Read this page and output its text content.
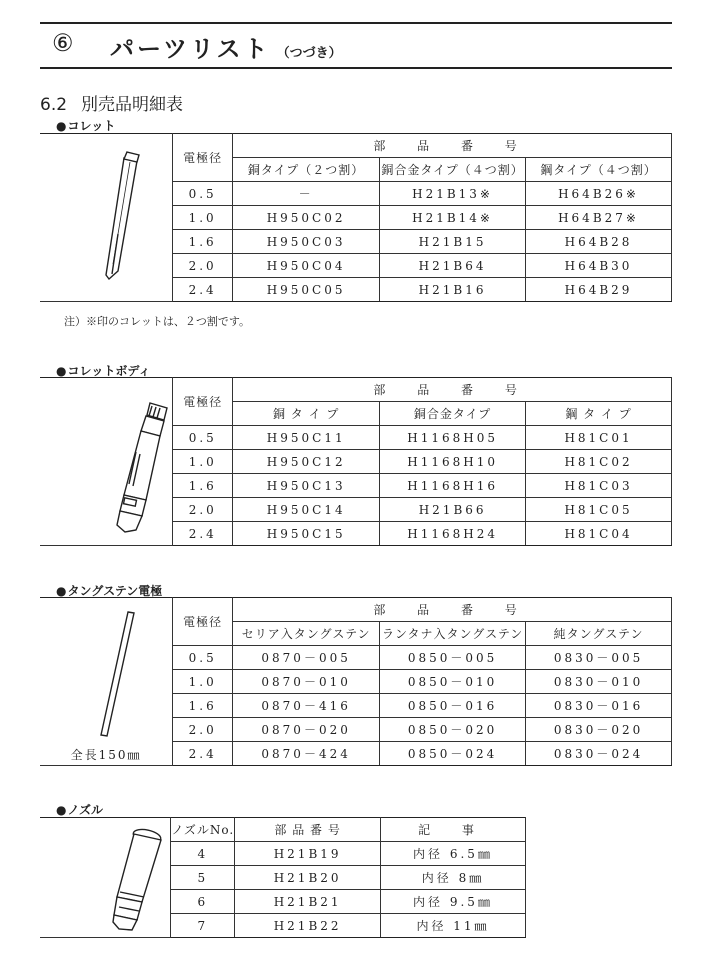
⑥ パーツリスト （つづき）
6.2 別売品明細表
● コレット
	電極径	部 品 番 号		
		銅タイプ（２つ割）	銅合金タイプ（４つ割）	鋼タイプ（４つ割）
	0.5	－	H21B13※	H64B26※
	1.0	H950C02	H21B14※	H64B27※
	1.6	H950C03	H21B15	H64B28
	2.0	H950C04	H21B64	H64B30
	2.4	H950C05	H21B16	H64B29
注）※印のコレットは、２つ割です。
● コレットボディ
	電極径	部 品 番 号		
		銅 タ イ プ	銅合金タイプ	鋼 タ イ プ
	0.5	H950C11	H1168H05	H81C01
	1.0	H950C12	H1168H10	H81C02
	1.6	H950C13	H1168H16	H81C03
	2.0	H950C14	H21B66	H81C05
	2.4	H950C15	H1168H24	H81C04
● タングステン電極
全長150㎜	電極径	部 品 番 号		
		セリア入タングステン	ランタナ入タングステン	純タングステン
	0.5	0870－005	0850－005	0830－005
	1.0	0870－010	0850－010	0830－010
	1.6	0870－416	0850－016	0830－016
	2.0	0870－020	0850－020	0830－020
	2.4	0870－424	0850－024	0830－024
● ノズル
	ノズルNo.	部 品 番 号	記 事
	4	H21B19	内径 6.5㎜
	5	H21B20	内径 8㎜
	6	H21B21	内径 9.5㎜
	7	H21B22	内径 11㎜
